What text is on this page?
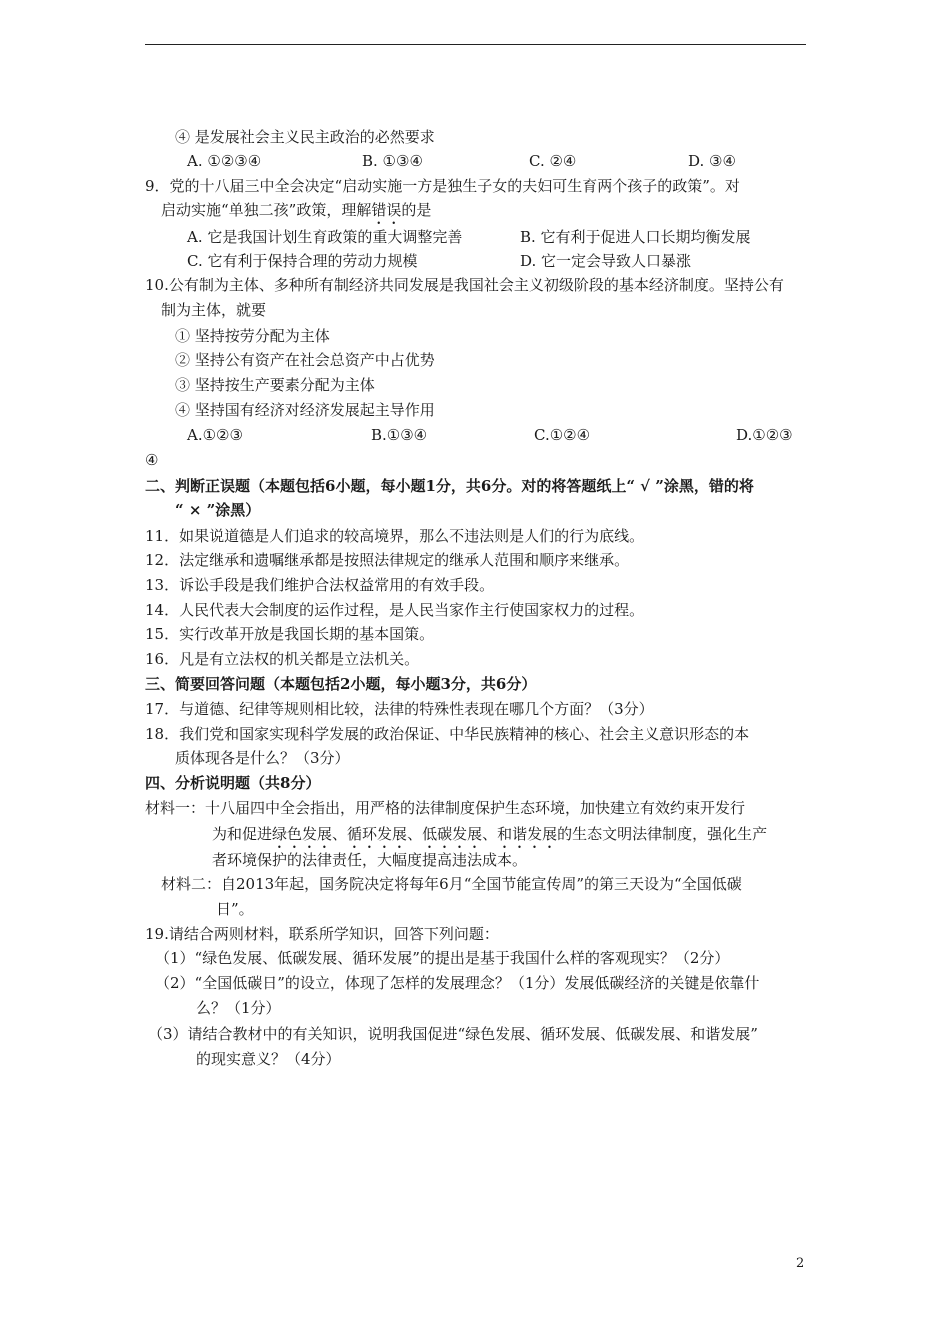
④ 是发展社会主义民主政治的必然要求
A. ①②③④	B. ①③④	C. ②④	D. ③④
9．党的十八届三中全会决定“启动实施一方是独生子女的夫妇可生育两个孩子的政策”。对
启动实施“单独二孩”政策，理解错误的是
A. 它是我国计划生育政策的重大调整完善	B. 它有利于促进人口长期均衡发展
C. 它有利于保持合理的劳动力规模	D. 它一定会导致人口暴涨
10.公有制为主体、多种所有制经济共同发展是我国社会主义初级阶段的基本经济制度。坚持公有
制为主体，就要
① 坚持按劳分配为主体
② 坚持公有资产在社会总资产中占优势
③ 坚持按生产要素分配为主体
④ 坚持国有经济对经济发展起主导作用
A.①②③	B.①③④	C.①②④	D.①②③
④
二、判断正误题（本题包括6小题，每小题1分，共6分。对的将答题纸上“ √ ”涂黑，错的将
“ × ”涂黑）
11．如果说道德是人们追求的较高境界，那么不违法则是人们的行为底线。
12．法定继承和遗嘱继承都是按照法律规定的继承人范围和顺序来继承。
13．诉讼手段是我们维护合法权益常用的有效手段。
14．人民代表大会制度的运作过程，是人民当家作主行使国家权力的过程。
15．实行改革开放是我国长期的基本国策。
16．凡是有立法权的机关都是立法机关。
三、简要回答问题（本题包括2小题，每小题3分，共6分）
17．与道德、纪律等规则相比较，法律的特殊性表现在哪几个方面？（3分）
18．我们党和国家实现科学发展的政治保证、中华民族精神的核心、社会主义意识形态的本
质体现各是什么？（3分）
四、分析说明题（共8分）
材料一：十八届四中全会指出，用严格的法律制度保护生态环境，加快建立有效约束开发行
为和促进绿色发展、循环发展、低碳发展、和谐发展的生态文明法律制度，强化生产
者环境保护的法律责任，大幅度提高违法成本。
材料二：自2013年起，国务院决定将每年6月“全国节能宣传周”的第三天设为“全国低碳
日”。
19.请结合两则材料，联系所学知识，回答下列问题：
（1）“绿色发展、低碳发展、循环发展”的提出是基于我国什么样的客观现实？（2分）
（2）“全国低碳日”的设立，体现了怎样的发展理念？（1分）发展低碳经济的关键是依靠什
么？（1分）
（3）请结合教材中的有关知识，说明我国促进“绿色发展、循环发展、低碳发展、和谐发展”
的现实意义？（4分）
2
